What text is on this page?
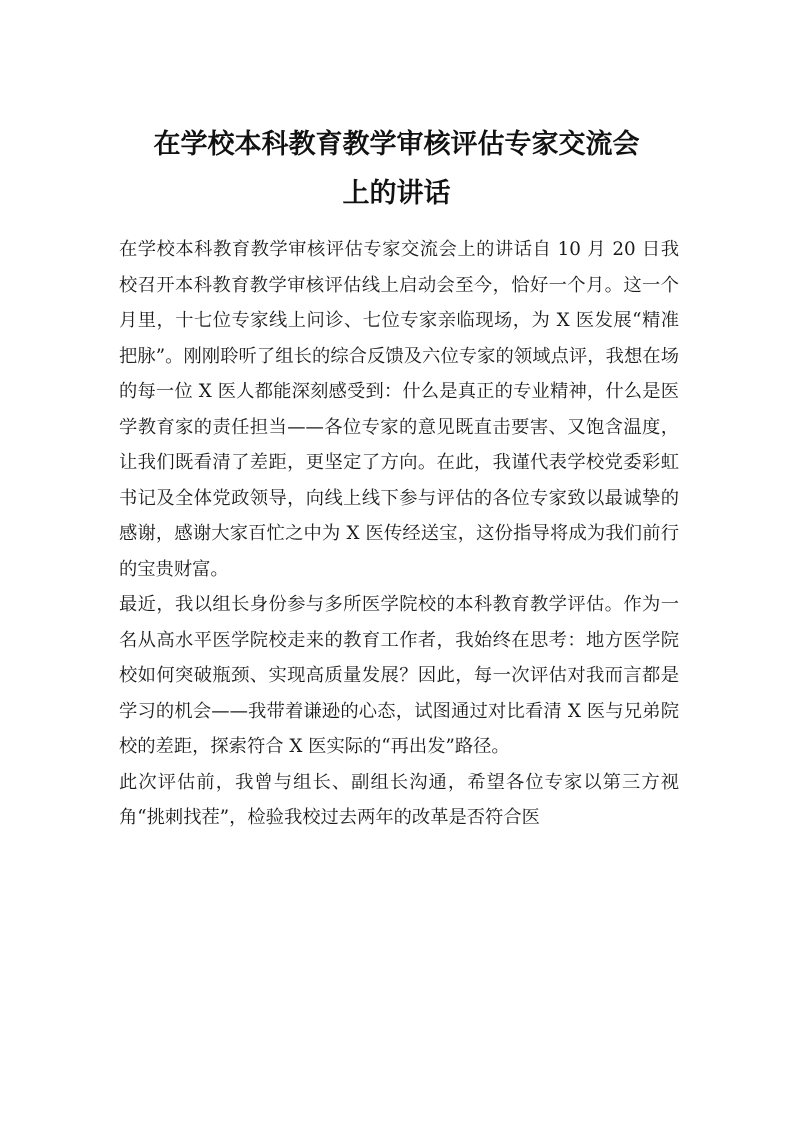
在学校本科教育教学审核评估专家交流会
上的讲话

在学校本科教育教学审核评估专家交流会上的讲话自 10 月 20 日我校召开本科教育教学审核评估线上启动会至今，恰好一个月。这一个月里，十七位专家线上问诊、七位专家亲临现场，为 X 医发展“精准把脉”。刚刚聆听了组长的综合反馈及六位专家的领域点评，我想在场的每一位 X 医人都能深刻感受到：什么是真正的专业精神，什么是医学教育家的责任担当——各位专家的意见既直击要害、又饱含温度，让我们既看清了差距，更坚定了方向。在此，我谨代表学校党委彩虹书记及全体党政领导，向线上线下参与评估的各位专家致以最诚挚的感谢，感谢大家百忙之中为 X 医传经送宝，这份指导将成为我们前行的宝贵财富。

最近，我以组长身份参与多所医学院校的本科教育教学评估。作为一名从高水平医学院校走来的教育工作者，我始终在思考：地方医学院校如何突破瓶颈、实现高质量发展？因此，每一次评估对我而言都是学习的机会——我带着谦逊的心态，试图通过对比看清 X 医与兄弟院校的差距，探索符合 X 医实际的“再出发”路径。

此次评估前，我曾与组长、副组长沟通，希望各位专家以第三方视角“挑刺找茬”，检验我校过去两年的改革是否符合医
